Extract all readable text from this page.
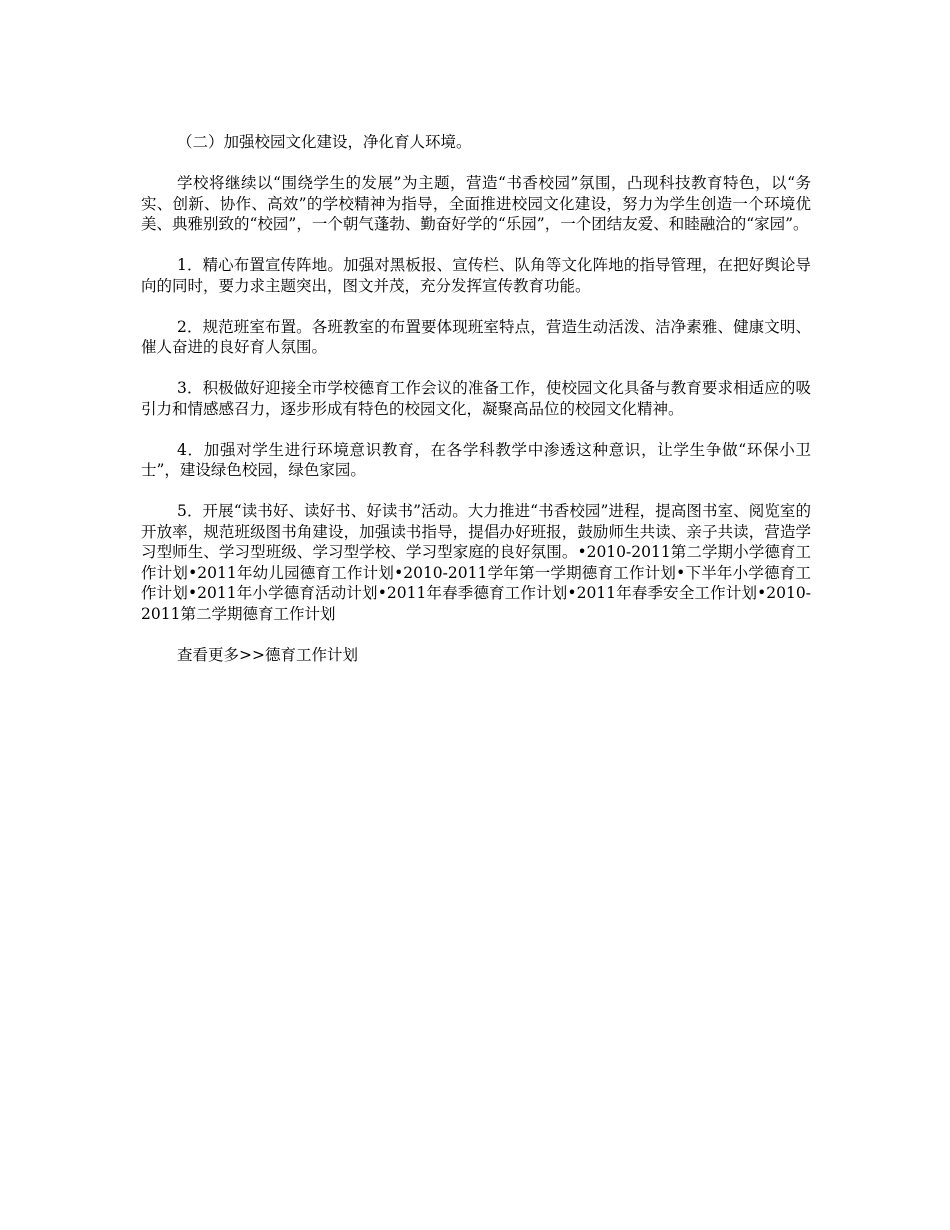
（二）加强校园文化建设，净化育人环境。

学校将继续以“围绕学生的发展”为主题，营造“书香校园”氛围，凸现科技教育特色，以“务实、创新、协作、高效”的学校精神为指导，全面推进校园文化建设，努力为学生创造一个环境优美、典雅别致的“校园”，一个朝气蓬勃、勤奋好学的“乐园”，一个团结友爱、和睦融洽的“家园”。

1．精心布置宣传阵地。加强对黑板报、宣传栏、队角等文化阵地的指导管理，在把好舆论导向的同时，要力求主题突出，图文并茂，充分发挥宣传教育功能。

2．规范班室布置。各班教室的布置要体现班室特点，营造生动活泼、洁净素雅、健康文明、催人奋进的良好育人氛围。

3．积极做好迎接全市学校德育工作会议的准备工作，使校园文化具备与教育要求相适应的吸引力和情感感召力，逐步形成有特色的校园文化，凝聚高品位的校园文化精神。

4．加强对学生进行环境意识教育，在各学科教学中渗透这种意识，让学生争做“环保小卫士”，建设绿色校园，绿色家园。

5．开展“读书好、读好书、好读书”活动。大力推进“书香校园”进程，提高图书室、阅览室的开放率，规范班级图书角建设，加强读书指导，提倡办好班报，鼓励师生共读、亲子共读，营造学习型师生、学习型班级、学习型学校、学习型家庭的良好氛围。•2010-2011第二学期小学德育工作计划•2011年幼儿园德育工作计划•2010-2011学年第一学期德育工作计划•下半年小学德育工作计划•2011年小学德育活动计划•2011年春季德育工作计划•2011年春季安全工作计划•2010-2011第二学期德育工作计划

查看更多>>德育工作计划
